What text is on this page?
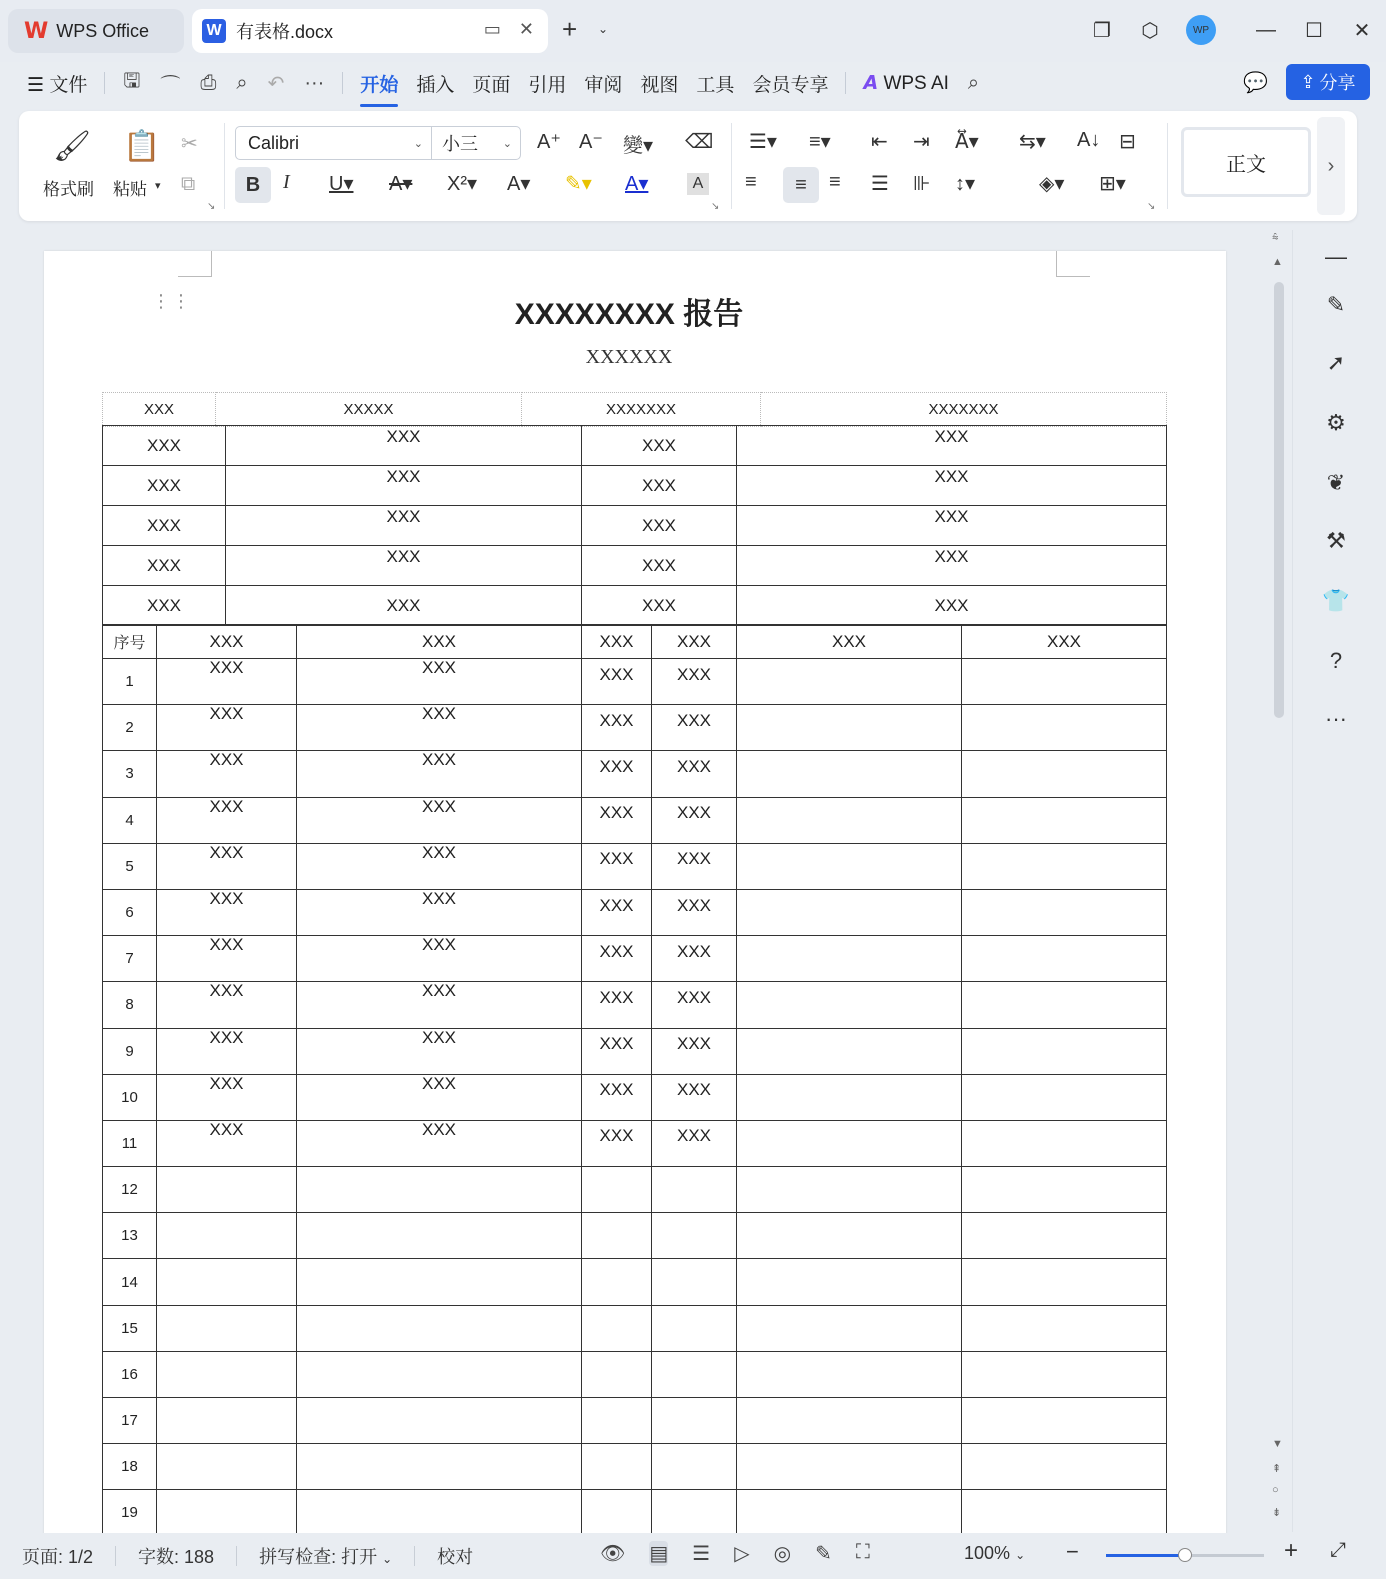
W WPS Office	W 有表格.docx	▭ ✕ + ⌄	❐	⬡	WP	—	☐	✕
☰ 文件	🖫	⌒	⎙	⌕	↶	···	开始 插入 页面 引用 审阅 视图 工具 会员专享	𝘼 WPS AI ⌕	💬 ⇪ 分享
🖌
格式刷
📋
粘贴 ▾
✂
⧉
↘
Calibri	⌄ 小三 ⌄ A⁺ A⁻ 變▾ ⌫
B	I U▾ A▾ X²▾ A▾ ✎▾ A▾	A
↘
☰▾ ≡▾ ⇤ ⇥ A⃡▾ ⇆▾ A↓ ⊟
≡	≡	≡ ☰ ⊪ ↕▾	◈▾ ⊞▾
↘
正文	›
⋮⋮	XXXXXXXX 报告
XXXXXX
XXX	XXXXX	XXXXXXX	XXXXXXX
XXX	XXX	XXX	XXX
XXX	XXX	XXX	XXX
XXX	XXX	XXX	XXX
XXX	XXX	XXX	XXX
XXX	XXX	XXX	XXX
序号	XXX	XXX	XXX	XXX	XXX	XXX
1	XXX	XXX	XXX	XXX		
2	XXX	XXX	XXX	XXX		
3	XXX	XXX	XXX	XXX		
4	XXX	XXX	XXX	XXX		
5	XXX	XXX	XXX	XXX		
6	XXX	XXX	XXX	XXX		
7	XXX	XXX	XXX	XXX		
8	XXX	XXX	XXX	XXX		
9	XXX	XXX	XXX	XXX		
10	XXX	XXX	XXX	XXX		
11	XXX	XXX	XXX	XXX		
12						
13						
14						
15						
16						
17						
18						
19						
⩯
▲
▼
⇞
○
⇟
—
✎
➚
⚙
❦
⚒
👕
?
···
页面: 1/2	字数: 188	拼写检查: 打开 ⌄	校对	👁 ▤ ☰ ▷ ◎ ✎ ⛶	100% ⌄ −	+ ⤢
